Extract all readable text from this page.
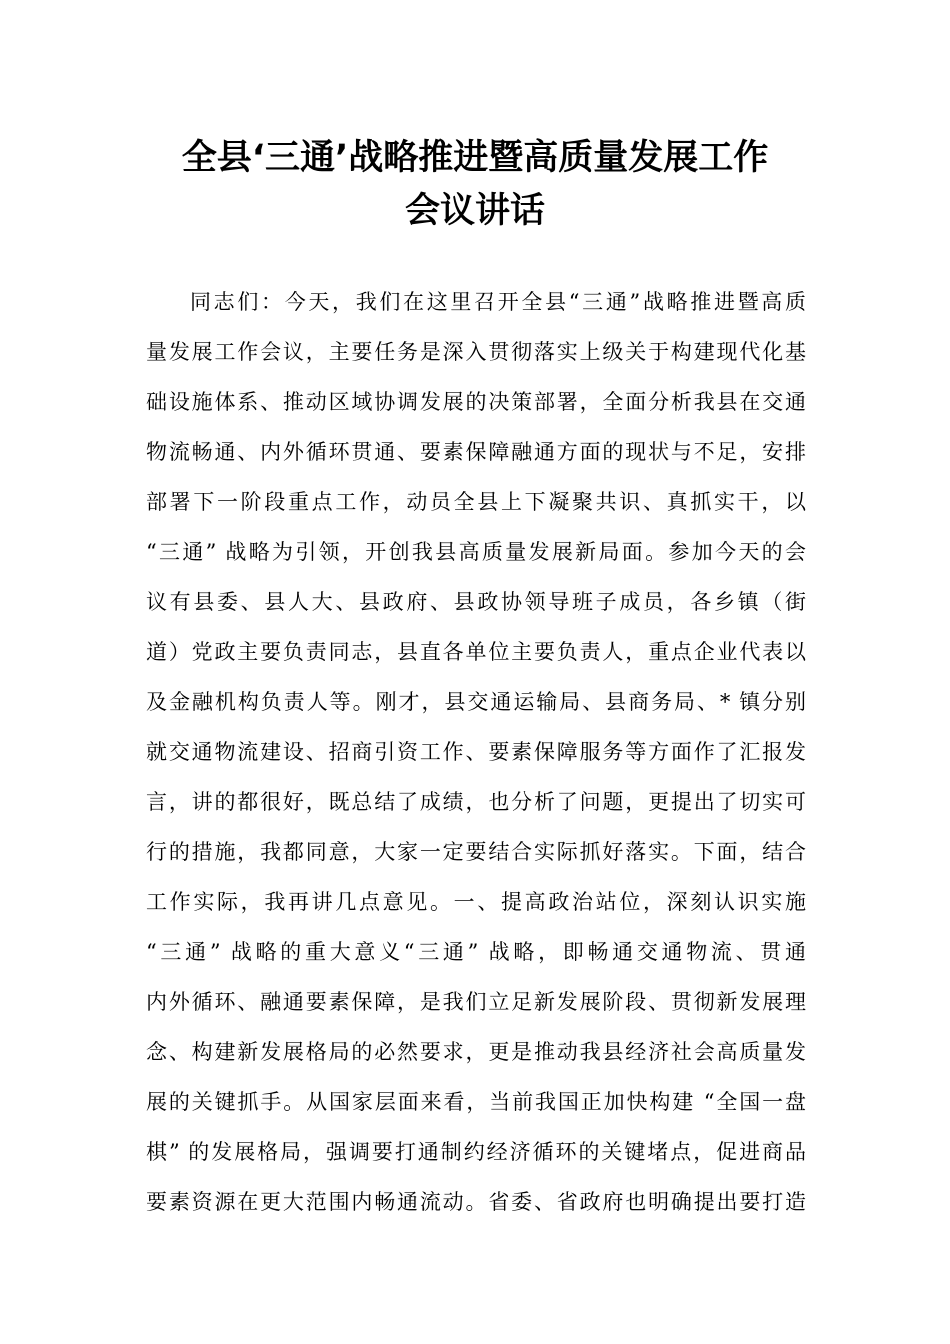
全县‘三通’战略推进暨高质量发展工作
会议讲话
同志们：今天，我们在这里召开全县“三通”战略推进暨高质
量发展工作会议，主要任务是深入贯彻落实上级关于构建现代化基
础设施体系、推动区域协调发展的决策部署，全面分析我县在交通
物流畅通、内外循环贯通、要素保障融通方面的现状与不足，安排
部署下一阶段重点工作，动员全县上下凝聚共识、真抓实干，以
“三通” 战略为引领，开创我县高质量发展新局面。参加今天的会
议有县委、县人大、县政府、县政协领导班子成员，各乡镇（街
道）党政主要负责同志，县直各单位主要负责人，重点企业代表以
及金融机构负责人等。刚才，县交通运输局、县商务局、* 镇分别
就交通物流建设、招商引资工作、要素保障服务等方面作了汇报发
言，讲的都很好，既总结了成绩，也分析了问题，更提出了切实可
行的措施，我都同意，大家一定要结合实际抓好落实。下面，结合
工作实际，我再讲几点意见。一、提高政治站位，深刻认识实施
“三通” 战略的重大意义“三通” 战略，即畅通交通物流、贯通
内外循环、融通要素保障，是我们立足新发展阶段、贯彻新发展理
念、构建新发展格局的必然要求，更是推动我县经济社会高质量发
展的关键抓手。从国家层面来看，当前我国正加快构建 “全国一盘
棋” 的发展格局，强调要打通制约经济循环的关键堵点，促进商品
要素资源在更大范围内畅通流动。省委、省政府也明确提出要打造
